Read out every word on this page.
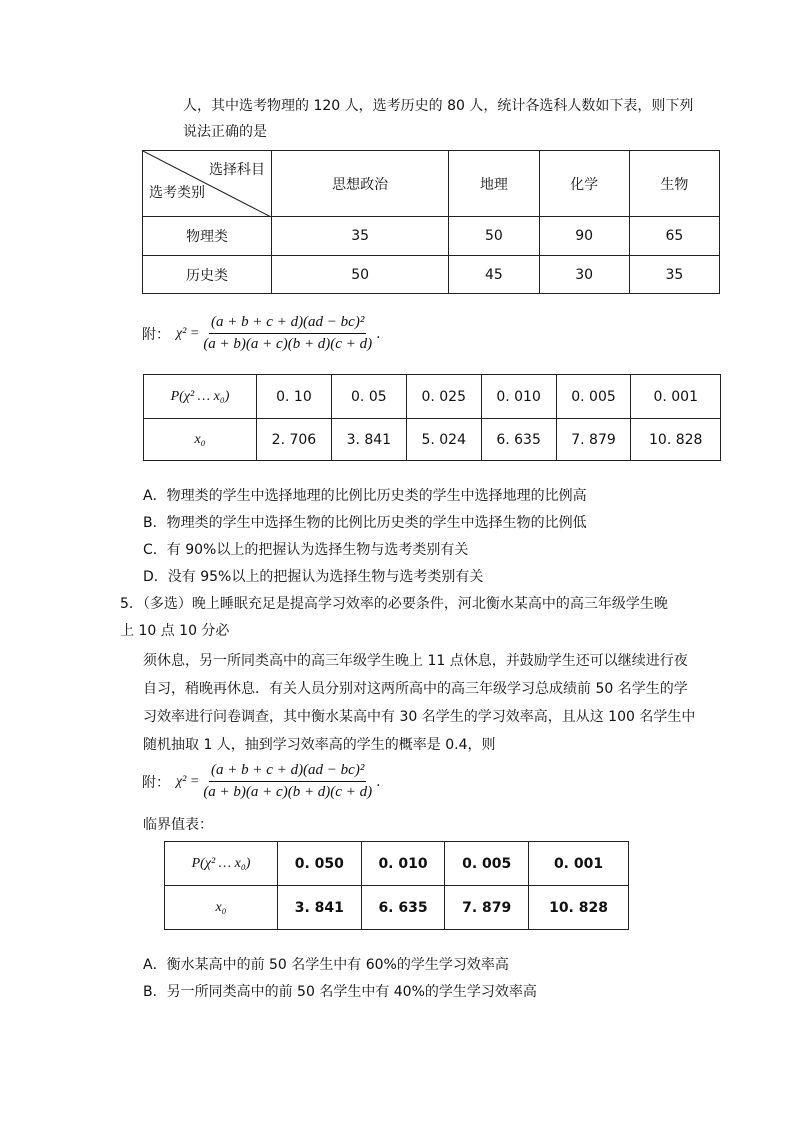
人，其中选考物理的 120 人，选考历史的 80 人，统计各选科人数如下表，则下列
说法正确的是
选择科目
选考类别	思想政治	地理	化学	生物
物理类	35	50	90	65
历史类	50	45	30	35
附： $\chi^2 = \frac{\text{(a + b + c + d)(ad − bc)²}}{(a + b)(a + c)(b + d)(c + d)}$ .
P(χ² … x₀)	0. 10	0. 05	0. 025	0. 010	0. 005	0. 001
x₀	2. 706	3. 841	5. 024	6. 635	7. 879	10. 828
A．物理类的学生中选择地理的比例比历史类的学生中选择地理的比例高
B．物理类的学生中选择生物的比例比历史类的学生中选择生物的比例低
C．有 90%以上的把握认为选择生物与选考类别有关
D．没有 95%以上的把握认为选择生物与选考类别有关
5．（多选）晚上睡眠充足是提高学习效率的必要条件，河北衡水某高中的高三年级学生晚
上 10 点 10 分必
须休息，另一所同类高中的高三年级学生晚上 11 点休息，并鼓励学生还可以继续进行夜
自习，稍晚再休息．有关人员分别对这两所高中的高三年级学习总成绩前 50 名学生的学
习效率进行问卷调查，其中衡水某高中有 30 名学生的学习效率高，且从这 100 名学生中
随机抽取 1 人，抽到学习效率高的学生的概率是 0.4，则
附： $\chi^2 = \frac{\text{(a + b + c + d)(ad − bc)²}}{(a + b)(a + c)(b + d)(c + d)}$ .
临界值表：
P(χ² … x₀)	0. 050	0. 010	0. 005	0. 001
x₀	3. 841	6. 635	7. 879	10. 828
A．衡水某高中的前 50 名学生中有 60%的学生学习效率高
B．另一所同类高中的前 50 名学生中有 40%的学生学习效率高
